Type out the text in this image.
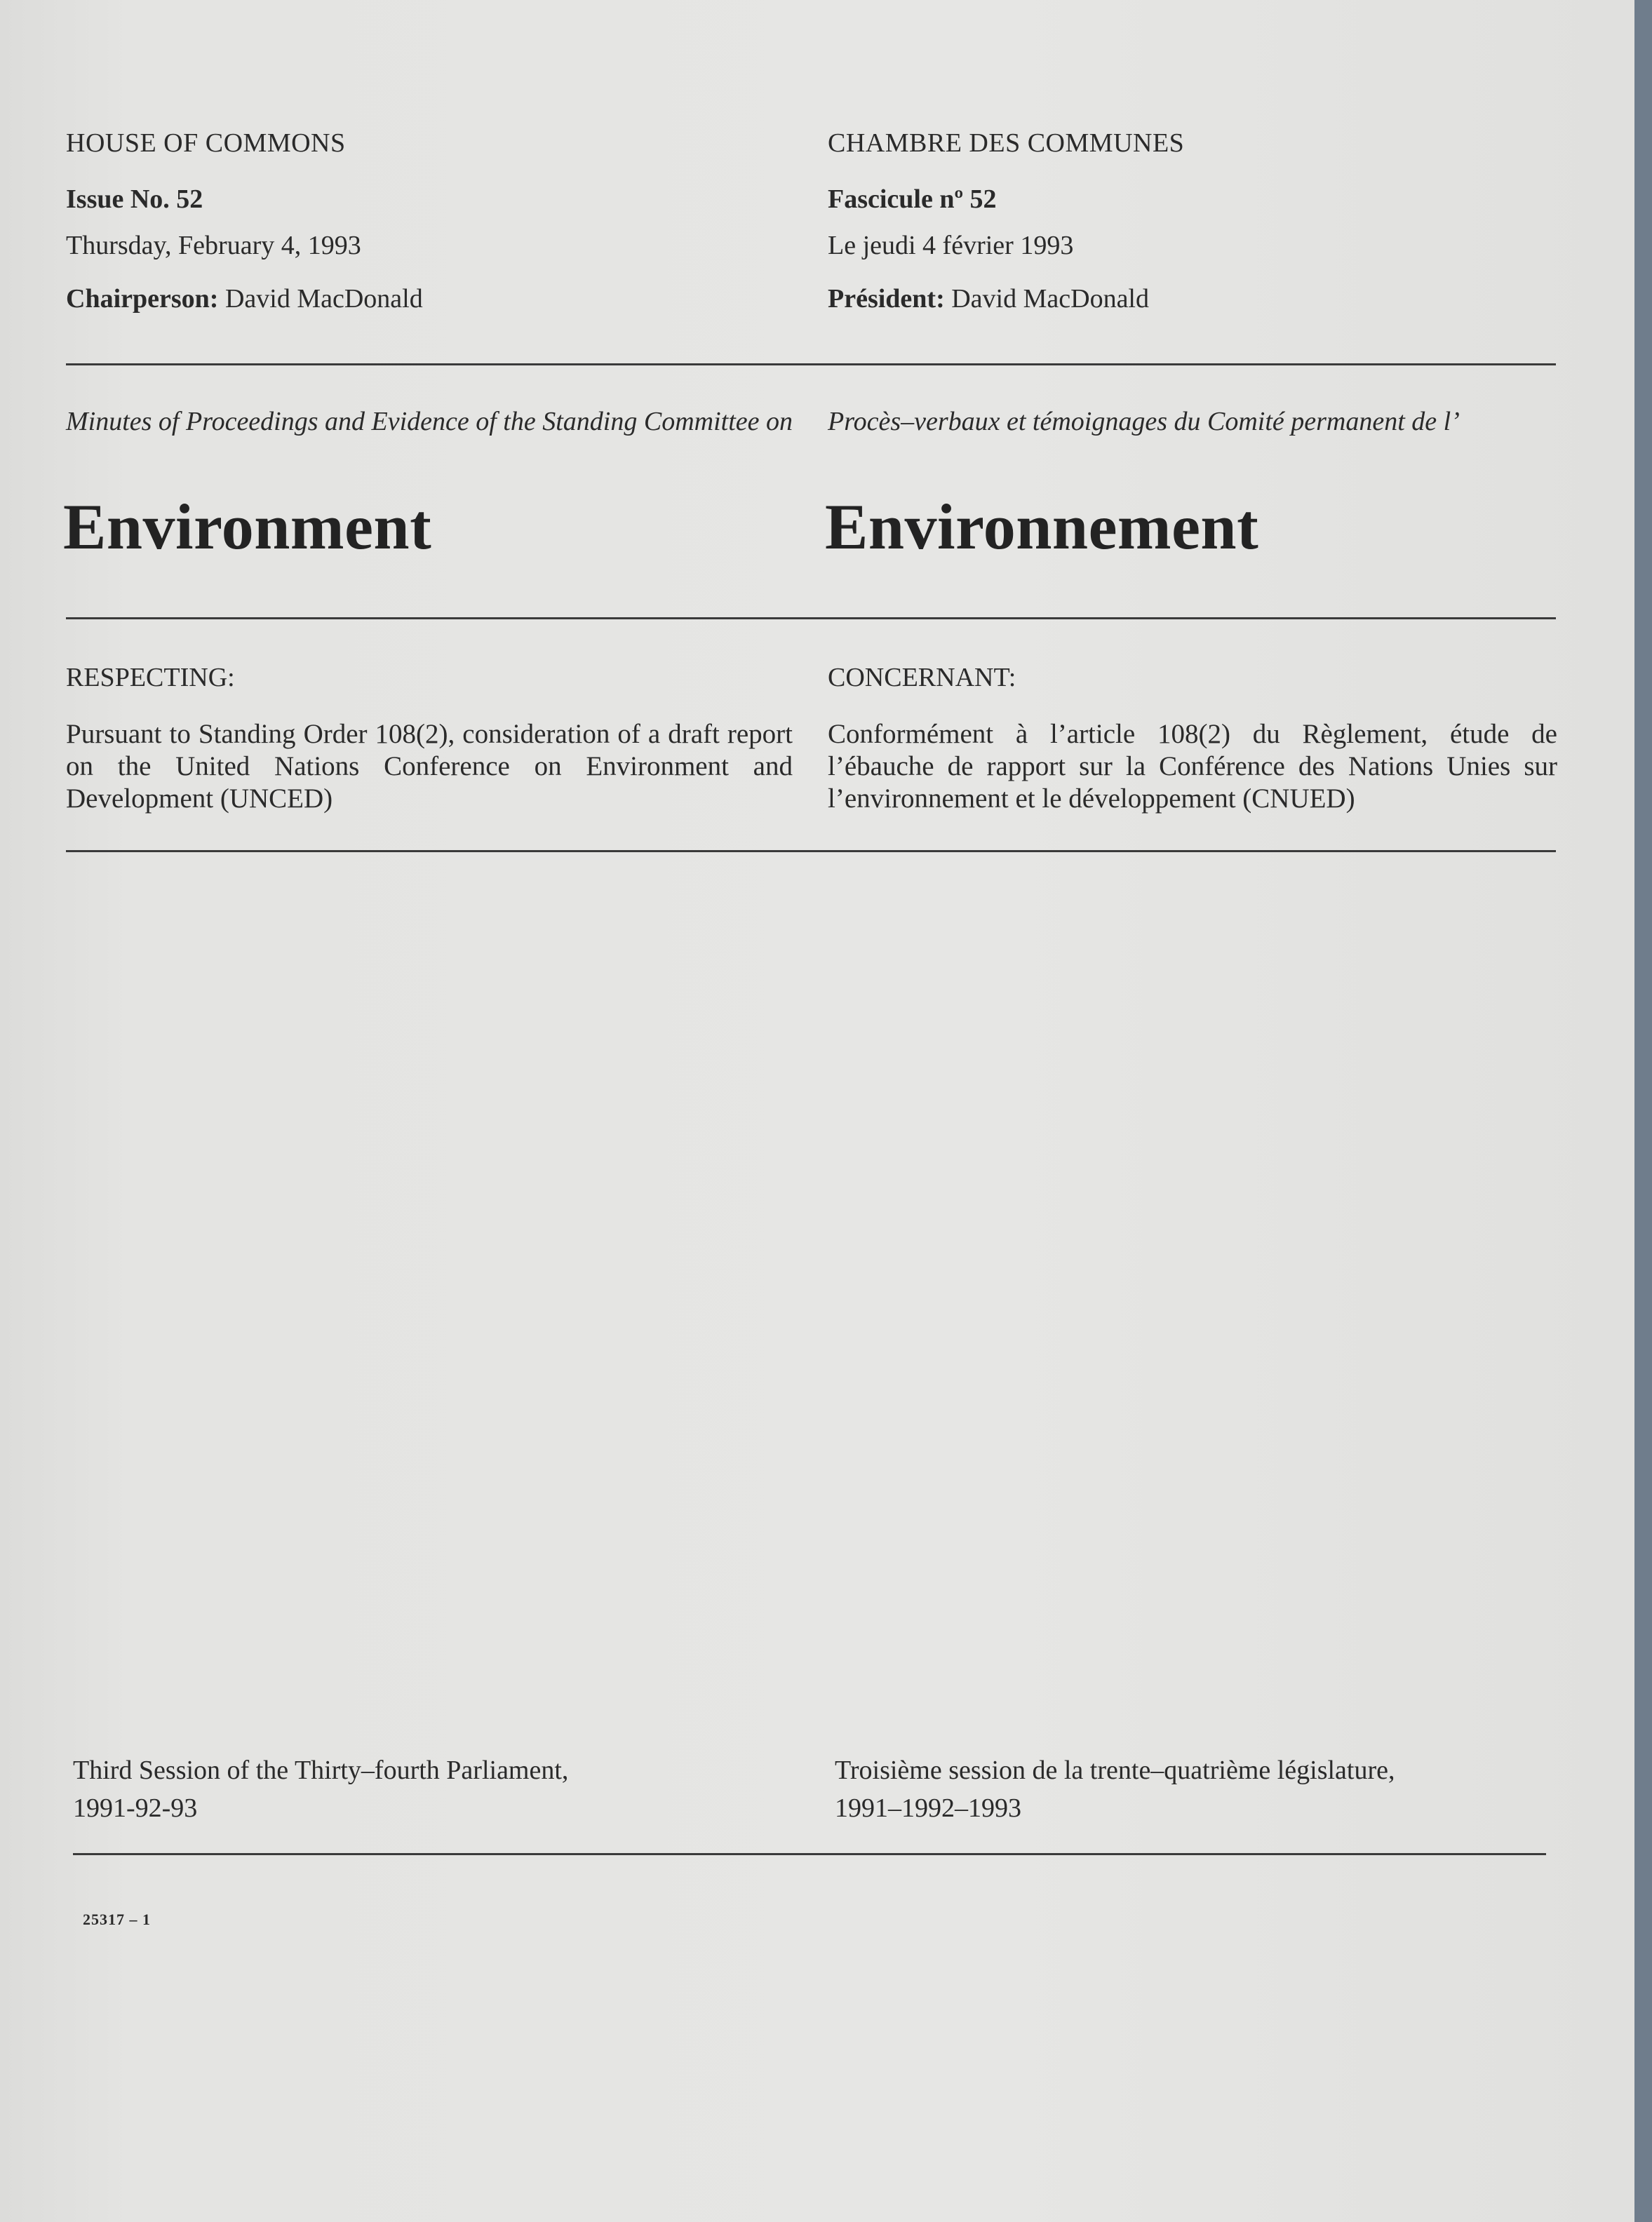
HOUSE OF COMMONS
Issue No. 52
Thursday, February 4, 1993
Chairperson: David MacDonald
CHAMBRE DES COMMUNES
Fascicule nº 52
Le jeudi 4 février 1993
Président: David MacDonald
Minutes of Proceedings and Evidence of the Standing Committee on Procès–verbaux et témoignages du Comité permanent de l’
Environment	Environnement
RESPECTING:	CONCERNANT:
Pursuant to Standing Order 108(2), consideration of a draft report on the United Nations Conference on Environment and Development (UNCED)
Conformément à l’article 108(2) du Règlement, étude de l’ébauche de rapport sur la Conférence des Nations Unies sur l’environnement et le développement (CNUED)
Third Session of the Thirty–fourth Parliament,
1991-92-93
Troisième session de la trente–quatrième législature,
1991–1992–1993
25317 – 1
